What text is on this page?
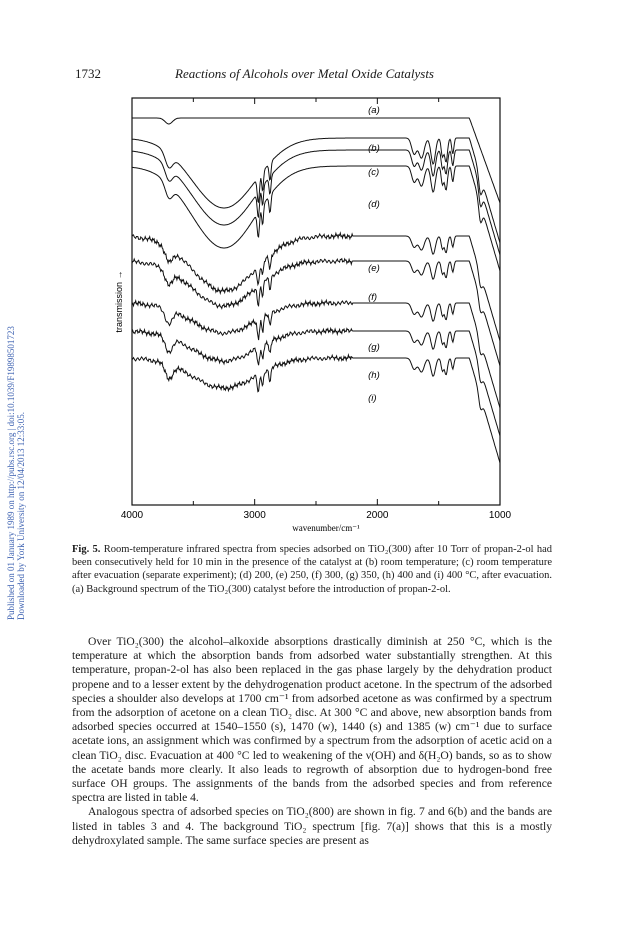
Downloaded by York University on 12/04/2013 12:33:05.
Published on 01 January 1989 on http://pubs.rsc.org | doi:10.1039/F19898501723
1732	Reactions of Alcohols over Metal Oxide Catalysts
(a)
(b)
(c)
(d)
(e)
(f)
(g)
(h)
(i)
4000	3000	2000	1000
transmission →
wavenumber/cm⁻¹
Fig. 5. Room-temperature infrared spectra from species adsorbed on TiO₂(300) after 10 Torr of propan-2-ol had been consecutively held for 10 min in the presence of the catalyst at (b) room temperature; (c) room temperature after evacuation (separate experiment); (d) 200, (e) 250, (f) 300, (g) 350, (h) 400 and (i) 400 °C, after evacuation. (a) Background spectrum of the TiO₂(300) catalyst before the introduction of propan-2-ol.

Over TiO₂(300) the alcohol–alkoxide absorptions drastically diminish at 250 °C, which is the temperature at which the absorption bands from adsorbed water substantially strengthen. At this temperature, propan-2-ol has also been replaced in the gas phase largely by the dehydration product propene and to a lesser extent by the dehydrogenation product acetone. In the spectrum of the adsorbed species a shoulder also develops at 1700 cm⁻¹ from adsorbed acetone as was confirmed by a spectrum from the adsorption of acetone on a clean TiO₂ disc. At 300 °C and above, new absorption bands from adsorbed species occurred at 1540–1550 (s), 1470 (w), 1440 (s) and 1385 (w) cm⁻¹ due to surface acetate ions, an assignment which was confirmed by a spectrum from the adsorption of acetic acid on a clean TiO₂ disc. Evacuation at 400 °C led to weakening of the ν(OH) and δ(H₂O) bands, so as to show the acetate bands more clearly. It also leads to regrowth of absorption due to hydrogen-bond free surface OH groups. The assignments of the bands from the adsorbed species and from reference spectra are listed in table 4.

Analogous spectra of adsorbed species on TiO₂(800) are shown in fig. 7 and 6(b) and the bands are listed in tables 3 and 4. The background TiO₂ spectrum [fig. 7(a)] shows that this is a mostly dehydroxylated sample. The same surface species are present as
